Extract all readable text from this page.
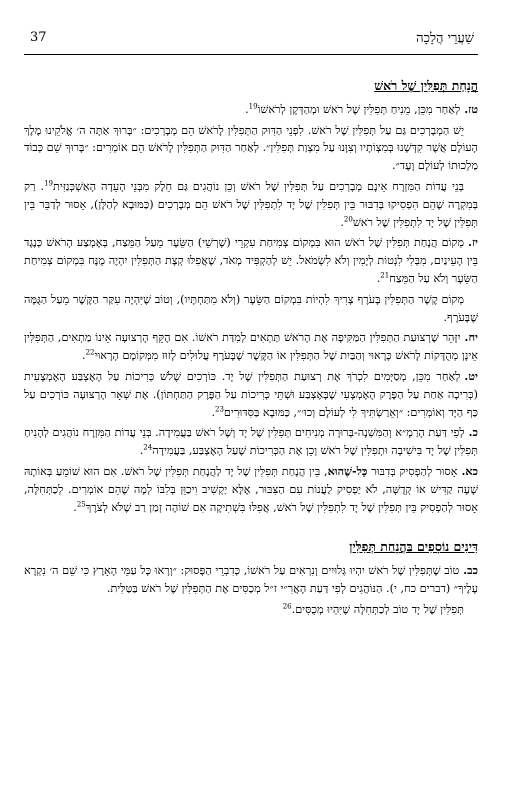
37	שַׁעֲרֵי הֲלָכָה
הֲנָחַת תְּפִלִּין שֶׁל רֹאשׁ

טז.לְאַחַר מִכֵּן, מֵנִיחַ תְּפִלִּין שֶׁל רֹאשׁ וּמְהַדְּקָן לְרֹאשׁוֹ$^{19}$.

יֵשׁ הַמְבָרְכִים גַּם עַל תְּפִלִּין שֶׁל רֹאשׁ. לִפְנֵי הַדִּוּק הַתְּפִלִּין לָרֹאשׁ הֵם מְבָרְכִים: ״בָּרוּךְ אַתָּה ה׳ אֱלֹקֵינוּ מֶלֶךְ הָעוֹלָם אֲשֶׁר קִדְּשָׁנוּ בְּמִצְוֹתָיו וְצִוָּנוּ עַל מִצְוַת תְּפִלִּין״. לְאַחַר הַדִּוּק הַתְּפִלִּין לָרֹאשׁ הֵם אוֹמְרִים: ״בָּרוּךְ שֵׁם כְּבוֹד מַלְכוּתוֹ לְעוֹלָם וָעֶד״.

בְּנֵי עֲדוֹת הַמִּזְרָח אֵינָם מְבָרְכִים עַל תְּפִלִּין שֶׁל רֹאשׁ וְכֵן נוֹהֲגִים גַּם חֵלֶק מִבְּנֵי הָעֵדָה הָאַשְׁכְּנַזִּית$^{19}$. רַק בְּמִקְרֶה שֶׁהֵם הִפְסִיקוּ בְּדִבּוּר בֵּין תְּפִלִּין שֶׁל יָד לִתְפִלִּין שֶׁל רֹאשׁ הֵם מְבָרְכִים (כַּמּוּבָא לְהַלָּן), אָסוּר לְדַבֵּר בֵּין תְּפִלִּין שֶׁל יָד לִתְפִלִּין שֶׁל רֹאשׁ$^{20}$.

יז.מְקוֹם הֲנָחַת תְּפִלִּין שֶׁל רֹאשׁ הוּא בִּמְקוֹם צְמִיחַת עִקְרֵי (שָׁרְשֵׁי) הַשֵּׂעָר מֵעַל הַמֵּצַח, בְּאֶמְצַע הָרֹאשׁ כְּנֶגֶד בֵּין הָעֵינַיִם, מִבְּלִי לִנְטוֹת לְיָמִין וְלֹא לִשְׂמֹאל. יֵשׁ לְהַקְפִּיד מְאֹד, שֶׁאֲפִלּוּ קְצָת הַתְּפִלִּין יִהְיֶה מֻנָּח בִּמְקוֹם צְמִיחַת הַשֵּׂעָר וְלֹא עַל הַמֵּצַח$^{21}$.

מְקוֹם קֶשֶׁר הַתְּפִלִּין בָּעֹרֶף צָרִיךְ לִהְיוֹת בִּמְקוֹם הַשֵּׂעָר (וְלֹא מִתַּחְתָּיו), וְטוֹב שֶׁיִּהְיֶה עִקַּר הַקֶּשֶׁר מֵעַל הַגֻּמָּה שֶׁבָּעֹרֶף.

יח.יִזָּהֵר שֶׁרְצוּעַת הַתְּפִלִּין הַמַּקִּיפָה אֶת הָרֹאשׁ תַּתְאִים לְמִדַּת רֹאשׁוֹ. אִם הֶקֵּף הָרְצוּעָה אֵינוֹ מַתְאִים, הַתְּפִלִּין אֵינָן מְהֻדָּקוֹת לָרֹאשׁ כָּרָאוּי וְהַבַּיִת שֶׁל הַתְּפִלִּין אוֹ הַקֶּשֶׁר שֶׁבָּעֹרֶף עֲלוּלִים לָזוּז מִמְּקוֹמָם הָרָאוּי$^{22}$.

יט.לְאַחַר מִכֵּן, מְסַיְּמִים לִכְרֹךְ אֶת רְצוּעַת הַתְּפִלִּין שֶׁל יָד. כּוֹרְכִים שָׁלֹשׁ כְּרִיכוֹת עַל הָאֶצְבַּע הָאֶמְצָעִית (כְּרִיכָה אַחַת עַל הַפֶּרֶק הָאֶמְצָעִי שֶׁבָּאֶצְבַּע וּשְׁתֵּי כְּרִיכוֹת עַל הַפֶּרֶק הַתַּחְתּוֹן). אֶת שְׁאָר הָרְצוּעָה כּוֹרְכִים עַל כַּף הַיָּד וְאוֹמְרִים: ״וְאֵרַשְׂתִּיךְ לִי לְעוֹלָם וְכוּ׳״, כַּמּוּבָא בַּסִּדּוּרִים$^{23}$.

כ.לְפִי דַּעַת הָרַמָ״א וְהַמִּשְׁנָה-בְּרוּרָה מְנִיחִים תְּפִלִּין שֶׁל יָד וְשֶׁל רֹאשׁ בַּעֲמִידָה. בְּנֵי עֲדוֹת הַמִּזְרָח נוֹהֲגִים לְהָנִיחַ תְּפִלִּין שֶׁל יָד בִּישִׁיבָה וּתְפִלִּין שֶׁל רֹאשׁ וְכֵן אֶת הַכְּרִיכוֹת שֶׁעַל הָאֶצְבַּע, בַּעֲמִידָה$^{24}$.

כא.אָסוּר לְהַפְסִיק בְּדִבּוּר כָּל-שֶׁהוּא, בֵּין הֲנָחַת תְּפִלִּין שֶׁל יָד לַהֲנָחַת תְּפִלִּין שֶׁל רֹאשׁ. אִם הוּא שׁוֹמֵעַ בְּאוֹתָהּ שָׁעָה קַדִּישׁ אוֹ קְדֻשָּׁה, לֹא יַפְסִיק לַעֲנוֹת עִם הַצִּבּוּר, אֶלָּא יַקְשִׁיב וִיכַוֵּן בְּלִבּוֹ לְמָה שֶׁהֵם אוֹמְרִים. לְכַתְּחִלָּה, אָסוּר לְהַפְסִיק בֵּין תְּפִלִּין שֶׁל יָד לִתְפִלִּין שֶׁל רֹאשׁ, אֲפִלּוּ בִּשְׁתִיקָה אִם שׁוֹהֶה זְמַן רַב שֶׁלֹּא לְצֹרֶךְ$^{25}$.

דִּינִים נוֹסָפִים בַּהֲנָחַת תְּפִלִּין

כב.טוֹב שֶׁתְּפִלִּין שֶׁל רֹאשׁ יִהְיוּ גְּלוּיִים וְנִרְאִים עַל רֹאשׁוֹ, כְּדִבְרֵי הַפָּסוּק: ״וְרָאוּ כָּל עַמֵּי הָאָרֶץ כִּי שֵׁם ה׳ נִקְרָא עָלֶיךָ״ (דברים כח, י). הַנּוֹהֲגִים לְפִי דַּעַת הָאֲרִ״י ז״ל מְכַסִּים אֶת הַתְּפִלִּין שֶׁל רֹאשׁ בַּטַּלִּית.

תְּפִלִּין שֶׁל יָד טוֹב לְכַתְּחִלָּה שֶׁיִּהְיוּ מְכֻסִּים.$^{26}$
